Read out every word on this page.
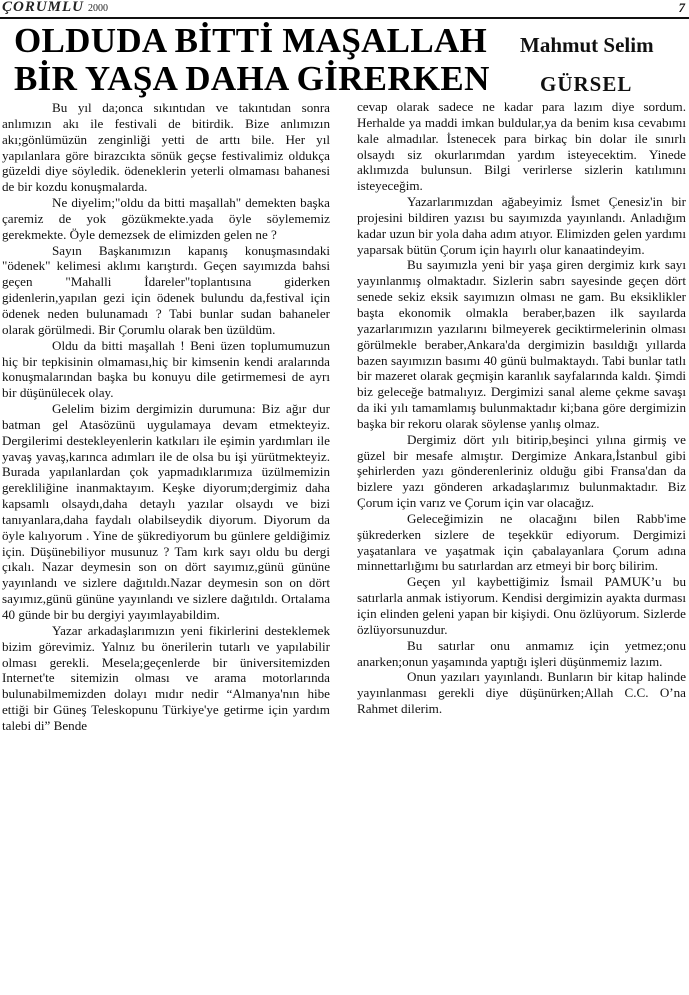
ÇORUMLU 2000	7
OLDUDA BİTTİ MAŞALLAH
BİR YAŞA DAHA GİRERKEN
Mahmut Selim
GÜRSEL

Bu yıl da;onca sıkıntıdan ve takıntıdan sonra anlımızın akı ile festivali de bitirdik. Bize anlımızın akı;gönlümüzün zenginliği yetti de arttı bile. Her yıl yapılanlara göre birazcıkta sönük geçse festivalimiz oldukça güzeldi diye söyledik. ödeneklerin yeterli olmaması bahanesi de bir kozdu konuşmalarda.

Ne diyelim;"oldu da bitti maşallah" demekten başka çaremiz de yok gözükmekte.yada öyle söylememiz gerekmekte. Öyle demezsek de elimizden gelen ne ?

Sayın Başkanımızın kapanış konuşmasındaki "ödenek" kelimesi aklımı karıştırdı. Geçen sayımızda bahsi geçen "Mahalli İdareler"toplantısına giderken gidenlerin,yapılan gezi için ödenek bulundu da,festival için ödenek neden bulunamadı ? Tabi bunlar sudan bahaneler olarak görülmedi. Bir Çorumlu olarak ben üzüldüm.

Oldu da bitti maşallah ! Beni üzen toplumumuzun hiç bir tepkisinin olmaması,hiç bir kimsenin kendi aralarında konuşmalarından başka bu konuyu dile getirmemesi de ayrı bir düşünülecek olay.

Gelelim bizim dergimizin durumuna: Biz ağır dur batman gel Atasözünü uygulamaya devam etmekteyiz. Dergilerimi destekleyenlerin katkıları ile eşimin yardımları ile yavaş yavaş,karınca adımları ile de olsa bu işi yürütmekteyiz. Burada yapılanlardan çok yapmadıklarımıza üzülmemizin gerekliliğine inanmaktayım. Keşke diyorum;dergimiz daha kapsamlı olsaydı,daha detaylı yazılar olsaydı ve bizi tanıyanlara,daha faydalı olabilseydik diyorum. Diyorum da öyle kalıyorum . Yine de şükrediyorum bu günlere geldiğimiz için. Düşünebiliyor musunuz ? Tam kırk sayı oldu bu dergi çıkalı. Nazar deymesin son on dört sayımız,günü gününe yayınlandı ve sizlere dağıtıldı.Nazar deymesin son on dört sayımız,günü gününe yayınlandı ve sizlere dağıtıldı. Ortalama 40 günde bir bu dergiyi yayımlayabildim.

Yazar arkadaşlarımızın yeni fikirlerini desteklemek bizim görevimiz. Yalnız bu önerilerin tutarlı ve yapılabilir olması gerekli. Mesela;geçenlerde bir üniversitemizden Internet'te sitemizin olması ve arama motorlarında bulunabilmemizden dolayı mıdır nedir “Almanya'nın hibe ettiği bir Güneş Teleskopunu Türkiye'ye getirme için yardım talebi di” Bende

cevap olarak sadece ne kadar para lazım diye sordum. Herhalde ya maddi imkan buldular,ya da benim kısa cevabımı kale almadılar. İstenecek para birkaç bin dolar ile sınırlı olsaydı siz okurlarımdan yardım isteyecektim. Yinede aklımızda bulunsun. Bilgi verirlerse sizlerin katılımını isteyeceğim.

Yazarlarımızdan ağabeyimiz İsmet Çenesiz'in bir projesini bildiren yazısı bu sayımızda yayınlandı. Anladığım kadar uzun bir yola daha adım atıyor. Elimizden gelen yardımı yaparsak bütün Çorum için hayırlı olur kanaatindeyim.

Bu sayımızla yeni bir yaşa giren dergimiz kırk sayı yayınlanmış olmaktadır. Sizlerin sabrı sayesinde geçen dört senede sekiz eksik sayımızın olması ne gam. Bu eksiklikler başta ekonomik olmakla beraber,bazen ilk sayılarda yazarlarımızın yazılarını bilmeyerek geciktirmelerinin olması görülmekle beraber,Ankara'da dergimizin basıldığı yıllarda bazen sayımızın basımı 40 günü bulmaktaydı. Tabi bunlar tatlı bir mazeret olarak geçmişin karanlık sayfalarında kaldı. Şimdi biz geleceğe batmalıyız. Dergimizi sanal aleme çekme savaşı da iki yılı tamamlamış bulunmaktadır ki;bana göre dergimizin başka bir rekoru olarak söylense yanlış olmaz.

Dergimiz dört yılı bitirip,beşinci yılına girmiş ve güzel bir mesafe almıştır. Dergimize Ankara,İstanbul gibi şehirlerden yazı gönderenleriniz olduğu gibi Fransa'dan da bizlere yazı gönderen arkadaşlarımız bulunmaktadır. Biz Çorum için varız ve Çorum için var olacağız.

Geleceğimizin ne olacağını bilen Rabb'ime şükrederken sizlere de teşekkür ediyorum. Dergimizi yaşatanlara ve yaşatmak için çabalayanlara Çorum adına minnettarlığımı bu satırlardan arz etmeyi bir borç bilirim.

Geçen yıl kaybettiğimiz İsmail PAMUK’u bu satırlarla anmak istiyorum. Kendisi dergimizin ayakta durması için elinden geleni yapan bir kişiydi. Onu özlüyorum. Sizlerde özlüyorsunuzdur.

Bu satırlar onu anmamız için yetmez;onu anarken;onun yaşamında yaptığı işleri düşünmemiz lazım.

Onun yazıları yayınlandı. Bunların bir kitap halinde yayınlanması gerekli diye düşünürken;Allah C.C. O’na Rahmet dilerim.
